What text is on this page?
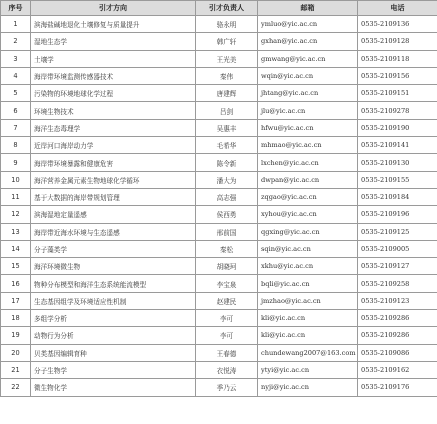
序号	引才方向	引才负责人	邮箱	电话
1	滨海盐碱地退化土壤修复与质量提升	骆永明	ymluo@yic.ac.cn	0535-2109136
2	湿地生态学	韩广轩	gxhan@yic.ac.cn	0535-2109128
3	土壤学	王光美	gmwang@yic.ac.cn	0535-2109118
4	海岸带环境监测传感器技术	秦伟	wqin@yic.ac.cn	0535-2109156
5	污染物的环境地球化学过程	唐建辉	jhtang@yic.ac.cn	0535-2109151
6	环境生物技术	吕剑	jlu@yic.ac.cn	0535-2109278
7	海洋生态毒理学	吴惠丰	hfwu@yic.ac.cn	0535-2109190
8	近岸河口海岸动力学	毛希华	mhmao@yic.ac.cn	0535-2109141
9	海岸带环境暴露和健康危害	陈令新	lxchen@yic.ac.cn	0535-2109130
10	海洋营养金属元素生物地球化学循环	潘大为	dwpan@yic.ac.cn	0535-2109155
11	基于大数据的海岸带规划管理	高志强	zqgao@yic.ac.cn	0535-2109184
12	滨海湿地定量遥感	侯西勇	xyhou@yic.ac.cn	0535-2109196
13	海岸带近海水环境与生态遥感	邢前国	qgxing@yic.ac.cn	0535-2109125
14	分子藻类学	秦松	sqin@yic.ac.cn	0535-2109005
15	海洋环境微生物	胡晓珂	xkhu@yic.ac.cn	0535-2109127
16	物种分布模型和海洋生态系统能流模型	李宝泉	bqli@yic.ac.cn	0535-2109258
17	生态基因组学及环境适应性机制	赵建民	jmzhao@yic.ac.cn	0535-2109123
18	多组学分析	李可	kli@yic.ac.cn	0535-2109286
19	动物行为分析	李可	kli@yic.ac.cn	0535-2109286
20	贝类基因编辑育种	王春德	chundewang2007@163.com	0535-2109086
21	分子生物学	衣悦涛	ytyi@yic.ac.cn	0535-2109162
22	微生物化学	季乃云	nyji@yic.ac.cn	0535-2109176
